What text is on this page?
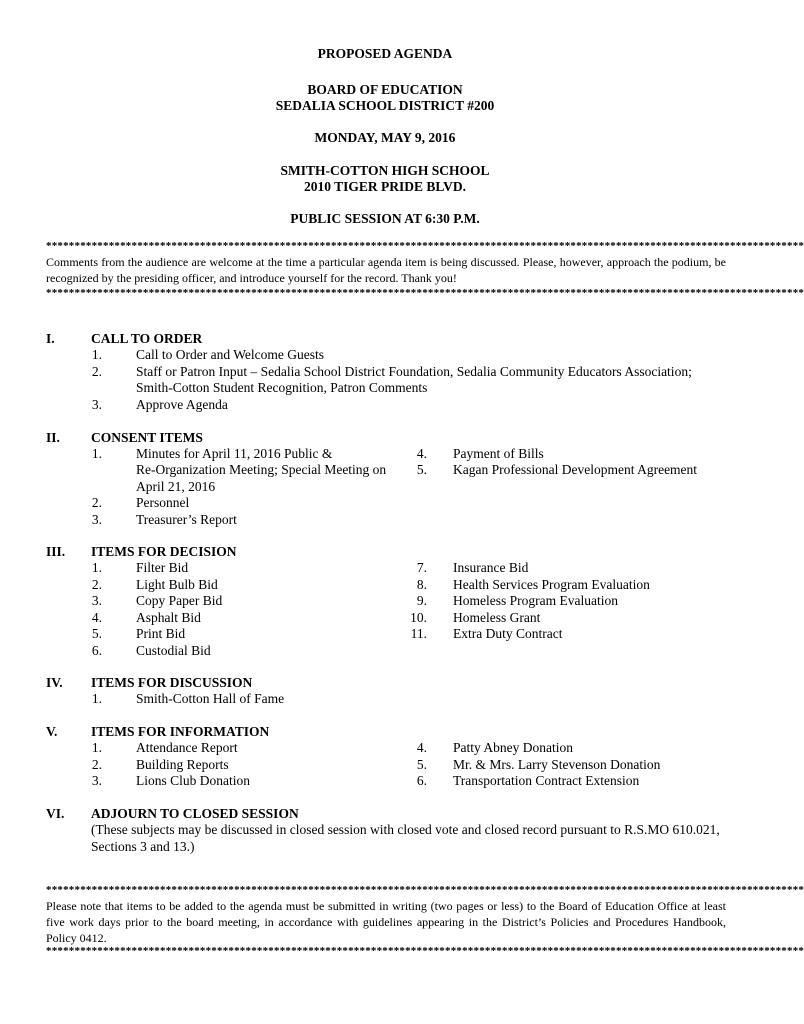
PROPOSED AGENDA
BOARD OF EDUCATION
SEDALIA SCHOOL DISTRICT #200
MONDAY, MAY 9, 2016
SMITH-COTTON HIGH SCHOOL
2010 TIGER PRIDE BLVD.
PUBLIC SESSION AT 6:30 P.M.
*************************************************************************************************************************************
Comments from the audience are welcome at the time a particular agenda item is being discussed. Please, however, approach the podium, be recognized by the presiding officer, and introduce yourself for the record. Thank you!
*************************************************************************************************************************************
I.	CALL TO ORDER
1.	Call to Order and Welcome Guests
2.	Staff or Patron Input – Sedalia School District Foundation, Sedalia Community Educators Association;
Smith-Cotton Student Recognition, Patron Comments
3.	Approve Agenda
II. CONSENT ITEMS
1.	Minutes for April 11, 2016 Public &
Re-Organization Meeting; Special Meeting on
April 21, 2016
2.	Personnel
3.	Treasurer’s Report
4. Payment of Bills
5. Kagan Professional Development Agreement
III. ITEMS FOR DECISION
1.	Filter Bid
2.	Light Bulb Bid
3.	Copy Paper Bid
4.	Asphalt Bid
5.	Print Bid
6.	Custodial Bid
7. Insurance Bid
8. Health Services Program Evaluation
9. Homeless Program Evaluation
10. Homeless Grant
11. Extra Duty Contract
IV. ITEMS FOR DISCUSSION
1.	Smith-Cotton Hall of Fame
V. ITEMS FOR INFORMATION
1.	Attendance Report
2.	Building Reports
3.	Lions Club Donation
4. Patty Abney Donation
5. Mr. & Mrs. Larry Stevenson Donation
6. Transportation Contract Extension
VI. ADJOURN TO CLOSED SESSION
(These subjects may be discussed in closed session with closed vote and closed record pursuant to R.S.MO 610.021, Sections 3 and 13.)
*************************************************************************************************************************************
Please note that items to be added to the agenda must be submitted in writing (two pages or less) to the Board of Education Office at least five work days prior to the board meeting, in accordance with guidelines appearing in the District’s Policies and Procedures Handbook, Policy 0412.
*************************************************************************************************************************************
